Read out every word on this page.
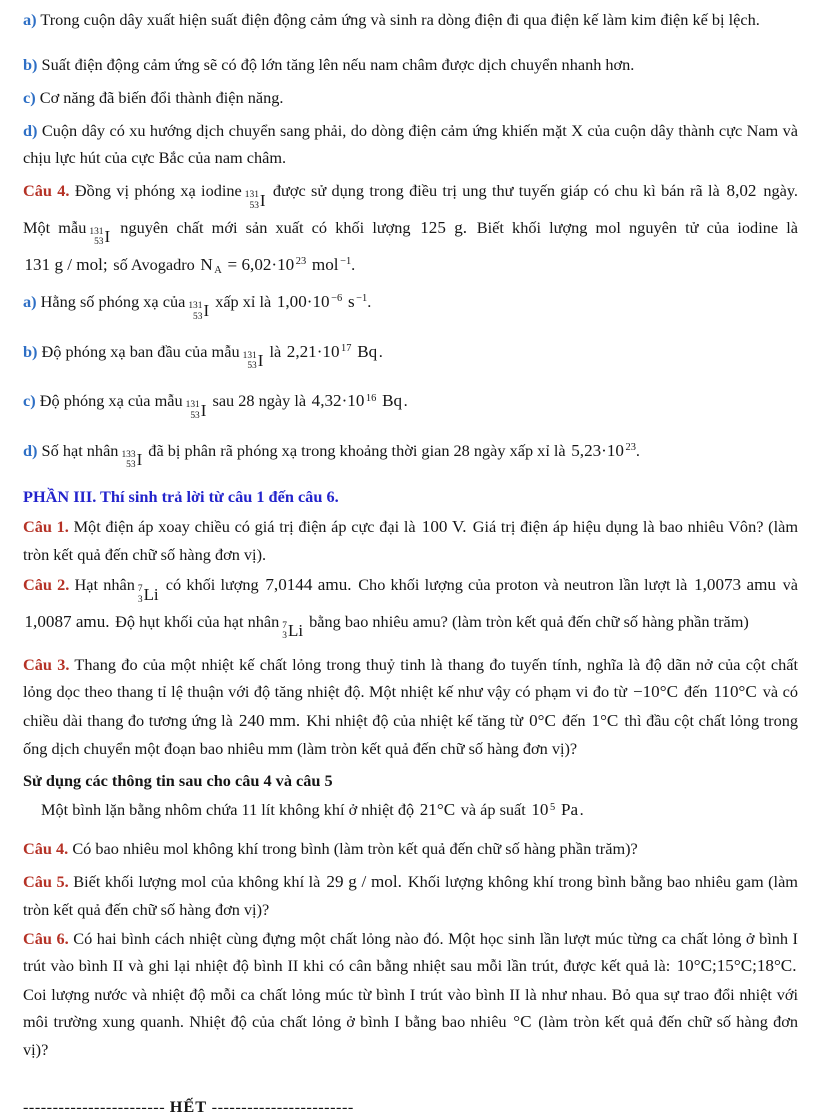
a) Trong cuộn dây xuất hiện suất điện động cảm ứng và sinh ra dòng điện đi qua điện kế làm kim điện kế bị lệch.

b) Suất điện động cảm ứng sẽ có độ lớn tăng lên nếu nam châm được dịch chuyển nhanh hơn.

c) Cơ năng đã biến đổi thành điện năng.

d) Cuộn dây có xu hướng dịch chuyển sang phải, do dòng điện cảm ứng khiến mặt X của cuộn dây thành cực Nam và chịu lực hút của cực Bắc của nam châm.

Câu 4. Đồng vị phóng xạ iodine 131
53 I
được sử dụng trong điều trị ung thư tuyến giáp có chu kì bán rã là 8,02 ngày. Một mẫu 131
53 I
nguyên chất mới sản xuất có khối lượng 125 g. Biết khối lượng mol nguyên tử của iodine là 131 g / mol; số Avogadro N $_A$ = 6,02·10 $^{23}$ mol $^{-1}$.

a) Hằng số phóng xạ của 131
53 I
xấp xỉ là 1,00·10 $^{-6}$ s $^{-1}$.

b) Độ phóng xạ ban đầu của mẫu 131
53 I
là 2,21·10 $^{17}$ Bq.

c) Độ phóng xạ của mẫu 131
53 I
sau 28 ngày là 4,32·10 $^{16}$ Bq.

d) Số hạt nhân 133
53 I
đã bị phân rã phóng xạ trong khoảng thời gian 28 ngày xấp xỉ là 5,23·10 $^{23}$.

PHẦN III. Thí sinh trả lời từ câu 1 đến câu 6.

Câu 1. Một điện áp xoay chiều có giá trị điện áp cực đại là 100 V. Giá trị điện áp hiệu dụng là bao nhiêu Vôn? (làm tròn kết quả đến chữ số hàng đơn vị).

Câu 2. Hạt nhân 7
3 Li
có khối lượng 7,0144 amu. Cho khối lượng của proton và neutron lần lượt là 1,0073 amu và 1,0087 amu. Độ hụt khối của hạt nhân 7
3 Li
bằng bao nhiêu amu? (làm tròn kết quả đến chữ số hàng phần trăm)

Câu 3. Thang đo của một nhiệt kế chất lỏng trong thuỷ tinh là thang đo tuyến tính, nghĩa là độ dãn nở của cột chất lỏng dọc theo thang tỉ lệ thuận với độ tăng nhiệt độ. Một nhiệt kế như vậy có phạm vi đo từ −10°C đến 110°C và có chiều dài thang đo tương ứng là 240 mm. Khi nhiệt độ của nhiệt kế tăng từ 0°C đến 1°C thì đầu cột chất lỏng trong ống dịch chuyển một đoạn bao nhiêu mm (làm tròn kết quả đến chữ số hàng đơn vị)?

Sử dụng các thông tin sau cho câu 4 và câu 5

Một bình lặn bằng nhôm chứa 11 lít không khí ở nhiệt độ 21°C và áp suất 10 $^5$ Pa.

Câu 4. Có bao nhiêu mol không khí trong bình (làm tròn kết quả đến chữ số hàng phần trăm)?

Câu 5. Biết khối lượng mol của không khí là 29 g / mol. Khối lượng không khí trong bình bằng bao nhiêu gam (làm tròn kết quả đến chữ số hàng đơn vị)?

Câu 6. Có hai bình cách nhiệt cùng đựng một chất lỏng nào đó. Một học sinh lần lượt múc từng ca chất lỏng ở bình I trút vào bình II và ghi lại nhiệt độ bình II khi có cân bằng nhiệt sau mỗi lần trút, được kết quả là: 10°C;15°C;18°C. Coi lượng nước và nhiệt độ mỗi ca chất lỏng múc từ bình I trút vào bình II là như nhau. Bỏ qua sự trao đổi nhiệt với môi trường xung quanh. Nhiệt độ của chất lỏng ở bình I bằng bao nhiêu °C (làm tròn kết quả đến chữ số hàng đơn vị)?

------------------------ HẾT ------------------------
